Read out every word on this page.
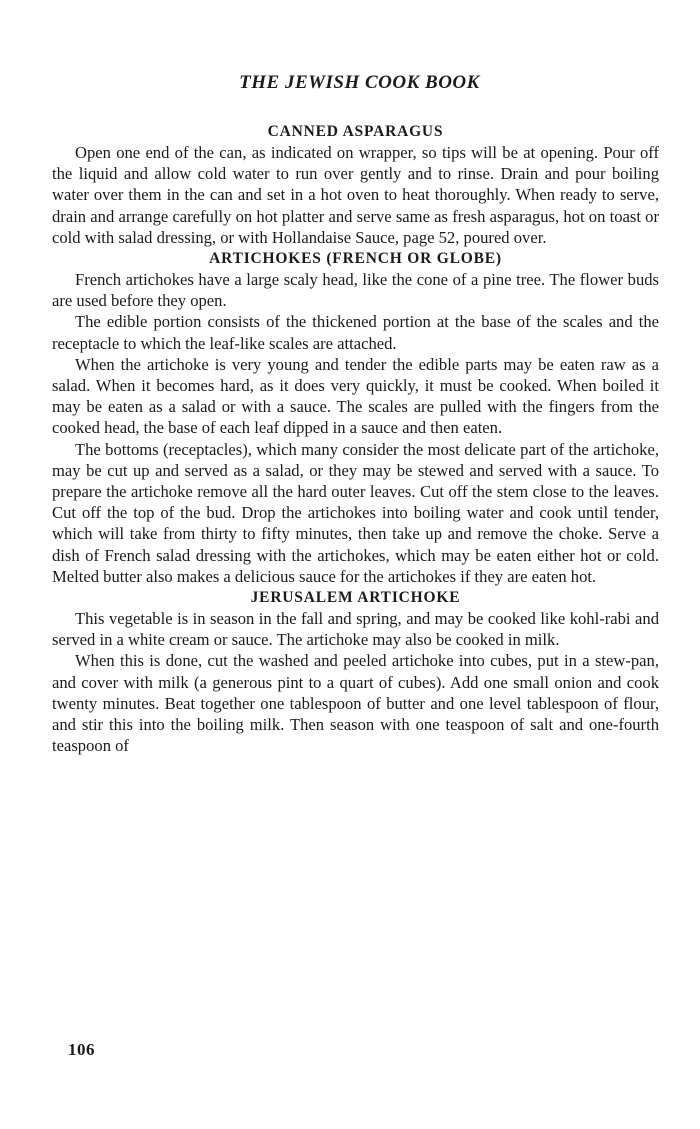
THE JEWISH COOK BOOK
CANNED ASPARAGUS

Open one end of the can, as indicated on wrapper, so tips will be at opening. Pour off the liquid and allow cold water to run over gently and to rinse. Drain and pour boiling water over them in the can and set in a hot oven to heat thoroughly. When ready to serve, drain and arrange carefully on hot platter and serve same as fresh asparagus, hot on toast or cold with salad dressing, or with Hollandaise Sauce, page 52, poured over.

ARTICHOKES (FRENCH OR GLOBE)

French artichokes have a large scaly head, like the cone of a pine tree. The flower buds are used before they open.

The edible portion consists of the thickened portion at the base of the scales and the receptacle to which the leaf-like scales are attached.

When the artichoke is very young and tender the edible parts may be eaten raw as a salad. When it becomes hard, as it does very quickly, it must be cooked. When boiled it may be eaten as a salad or with a sauce. The scales are pulled with the fingers from the cooked head, the base of each leaf dipped in a sauce and then eaten.

The bottoms (receptacles), which many consider the most delicate part of the artichoke, may be cut up and served as a salad, or they may be stewed and served with a sauce. To prepare the artichoke remove all the hard outer leaves. Cut off the stem close to the leaves. Cut off the top of the bud. Drop the artichokes into boiling water and cook until tender, which will take from thirty to fifty minutes, then take up and remove the choke. Serve a dish of French salad dressing with the artichokes, which may be eaten either hot or cold. Melted butter also makes a delicious sauce for the artichokes if they are eaten hot.

JERUSALEM ARTICHOKE

This vegetable is in season in the fall and spring, and may be cooked like kohl-rabi and served in a white cream or sauce. The artichoke may also be cooked in milk.

When this is done, cut the washed and peeled artichoke into cubes, put in a stew-pan, and cover with milk (a generous pint to a quart of cubes). Add one small onion and cook twenty minutes. Beat together one tablespoon of butter and one level tablespoon of flour, and stir this into the boiling milk. Then season with one teaspoon of salt and one-fourth teaspoon of

106
